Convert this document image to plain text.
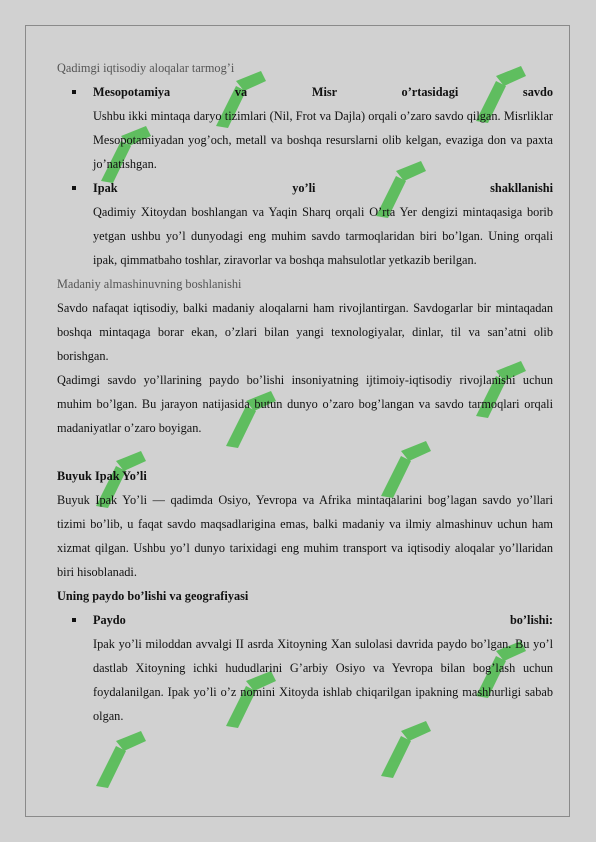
Qadimgi iqtisodiy aloqalar tarmog’i

Mesopotamiya va Misr o’rtasidagi savdo

Ushbu ikki mintaqa daryo tizimlari (Nil, Frot va Dajla) orqali o’zaro savdo qilgan. Misrliklar Mesopotamiyadan yog’och, metall va boshqa resurslarni olib kelgan, evaziga don va paxta jo’natishgan.

Ipak yo’li shakllanishi

Qadimiy Xitoydan boshlangan va Yaqin Sharq orqali O’rta Yer dengizi mintaqasiga borib yetgan ushbu yo’l dunyodagi eng muhim savdo tarmoqlaridan biri bo’lgan. Uning orqali ipak, qimmatbaho toshlar, ziravorlar va boshqa mahsulotlar yetkazib berilgan.

Madaniy almashinuvning boshlanishi

Savdo nafaqat iqtisodiy, balki madaniy aloqalarni ham rivojlantirgan. Savdogarlar bir mintaqadan boshqa mintaqaga borar ekan, o’zlari bilan yangi texnologiyalar, dinlar, til va san’atni olib borishgan.

Qadimgi savdo yo’llarining paydo bo’lishi insoniyatning ijtimoiy-iqtisodiy rivojlanishi uchun muhim bo’lgan. Bu jarayon natijasida butun dunyo o’zaro bog’langan va savdo tarmoqlari orqali madaniyatlar o’zaro boyigan.

Buyuk Ipak Yo’li

Buyuk Ipak Yo’li — qadimda Osiyo, Yevropa va Afrika mintaqalarini bog’lagan savdo yo’llari tizimi bo’lib, u faqat savdo maqsadlarigina emas, balki madaniy va ilmiy almashinuv uchun ham xizmat qilgan. Ushbu yo’l dunyo tarixidagi eng muhim transport va iqtisodiy aloqalar yo’llaridan biri hisoblanadi.

Uning paydo bo’lishi va geografiyasi

Paydo bo’lishi:

Ipak yo’li miloddan avvalgi II asrda Xitoyning Xan sulolasi davrida paydo bo’lgan. Bu yo’l dastlab Xitoyning ichki hududlarini G’arbiy Osiyo va Yevropa bilan bog’lash uchun foydalanilgan. Ipak yo’li o’z nomini Xitoyda ishlab chiqarilgan ipakning mashhurligi sabab olgan.
